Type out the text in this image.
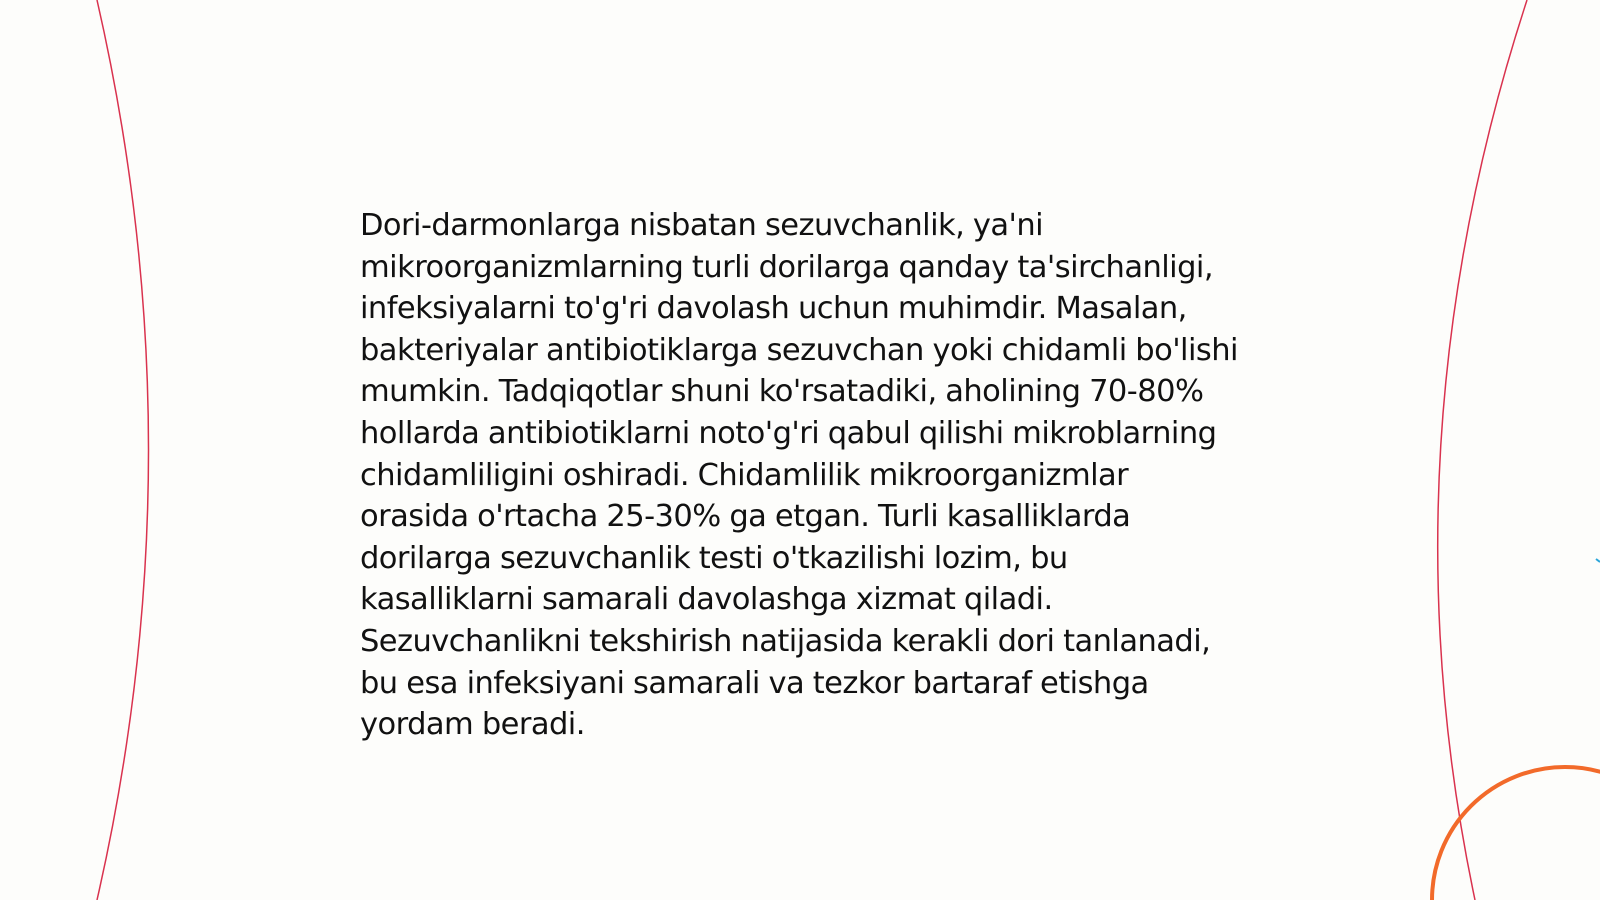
Dori-darmonlarga nisbatan sezuvchanlik, ya'ni mikroorganizmlarning turli dorilarga qanday ta'sirchanligi, infeksiyalarni to'g'ri davolash uchun muhimdir. Masalan, bakteriyalar antibiotiklarga sezuvchan yoki chidamli bo'lishi mumkin. Tadqiqotlar shuni ko'rsatadiki, aholining 70-80% hollarda antibiotiklarni noto'g'ri qabul qilishi mikroblarning chidamliligini oshiradi. Chidamlilik mikroorganizmlar orasida o'rtacha 25-30% ga etgan. Turli kasalliklarda dorilarga sezuvchanlik testi o'tkazilishi lozim, bu kasalliklarni samarali davolashga xizmat qiladi. Sezuvchanlikni tekshirish natijasida kerakli dori tanlanadi, bu esa infeksiyani samarali va tezkor bartaraf etishga yordam beradi.
